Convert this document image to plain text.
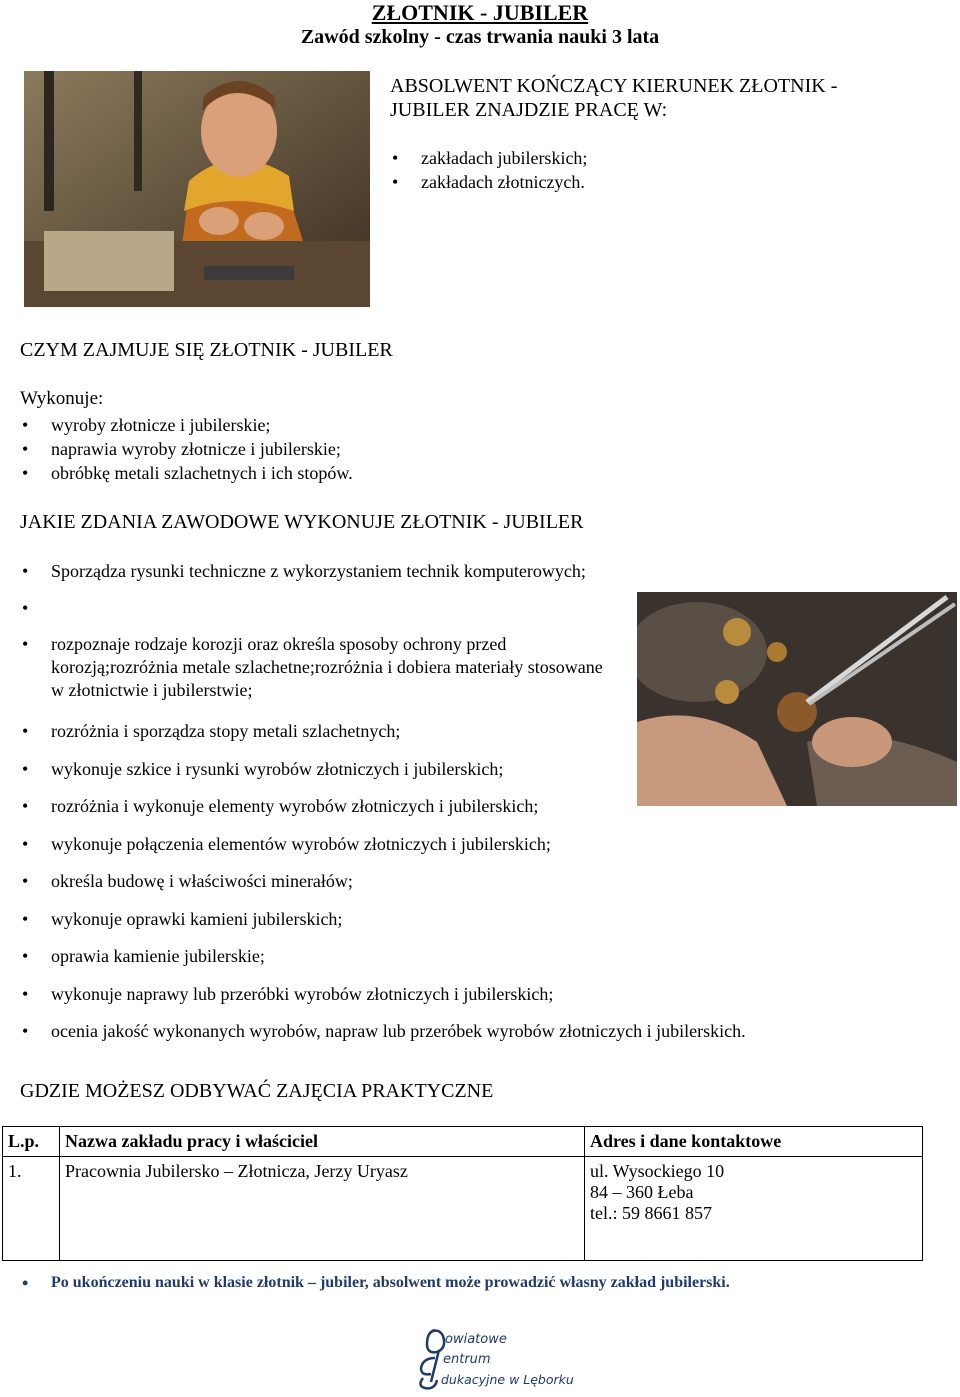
ZŁOTNIK - JUBILER
Zawód szkolny - czas trwania nauki 3 lata
ABSOLWENT KOŃCZĄCY KIERUNEK ZŁOTNIK - JUBILER ZNAJDZIE PRACĘ W:
• zakładach jubilerskich;
• zakładach złotniczych.
CZYM ZAJMUJE SIĘ ZŁOTNIK - JUBILER
Wykonuje:
• wyroby złotnicze i jubilerskie;
• naprawia wyroby złotnicze i jubilerskie;
• obróbkę metali szlachetnych i ich stopów.
JAKIE ZDANIA ZAWODOWE WYKONUJE ZŁOTNIK - JUBILER
• Sporządza rysunki techniczne z wykorzystaniem technik komputerowych;
•
• rozpoznaje rodzaje korozji oraz określa sposoby ochrony przed korozją;rozróżnia metale szlachetne;rozróżnia i dobiera materiały stosowane w złotnictwie i jubilerstwie;
• rozróżnia i sporządza stopy metali szlachetnych;
• wykonuje szkice i rysunki wyrobów złotniczych i jubilerskich;
• rozróżnia i wykonuje elementy wyrobów złotniczych i jubilerskich;
• wykonuje połączenia elementów wyrobów złotniczych i jubilerskich;
• określa budowę i właściwości minerałów;
• wykonuje oprawki kamieni jubilerskich;
• oprawia kamienie jubilerskie;
• wykonuje naprawy lub przeróbki wyrobów złotniczych i jubilerskich;
• ocenia jakość wykonanych wyrobów, napraw lub przeróbek wyrobów złotniczych i jubilerskich.
GDZIE MOŻESZ ODBYWAĆ ZAJĘCIA PRAKTYCZNE
L.p.	Nazwa zakładu pracy i właściciel	Adres i dane kontaktowe
1.	Pracownia Jubilersko – Złotnicza, Jerzy Uryasz	ul. Wysockiego 10
84 – 360 Łeba
tel.: 59 8661 857
• Po ukończeniu nauki w klasie złotnik – jubiler, absolwent może prowadzić własny zakład jubilerski.
owiatowe
entrum
dukacyjne w Lęborku
